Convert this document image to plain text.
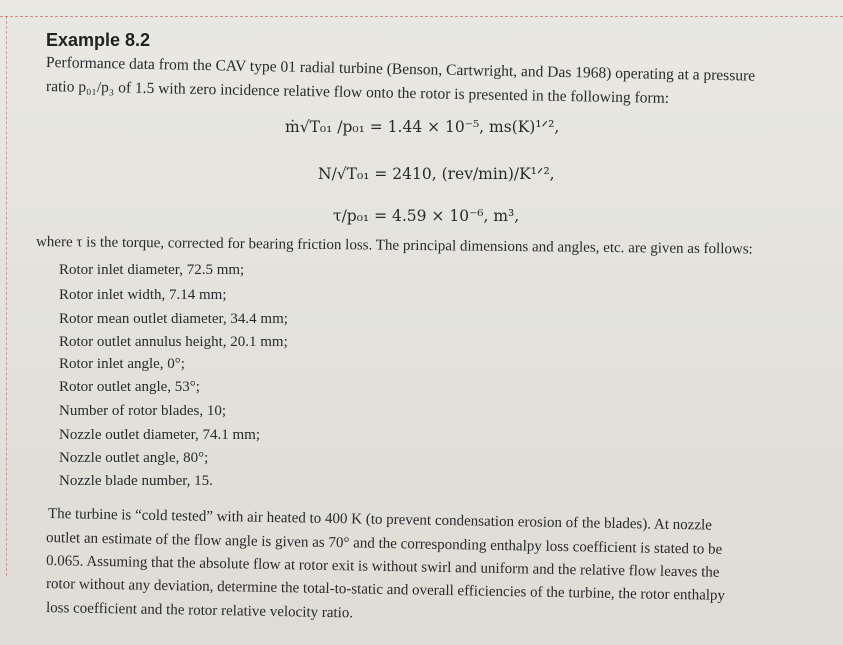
Example 8.2
Performance data from the CAV type 01 radial turbine (Benson, Cartwright, and Das 1968) operating at a pressure
ratio p₀₁/p₃ of 1.5 with zero incidence relative flow onto the rotor is presented in the following form:
ṁ√T₀₁ /p₀₁ = 1.44 × 10⁻⁵, ms(K)¹ᐟ²,
N/√T₀₁ = 2410, (rev/min)/K¹ᐟ²,
τ/p₀₁ = 4.59 × 10⁻⁶, m³,
where τ is the torque, corrected for bearing friction loss. The principal dimensions and angles, etc. are given as follows:
Rotor inlet diameter, 72.5 mm;
Rotor inlet width, 7.14 mm;
Rotor mean outlet diameter, 34.4 mm;
Rotor outlet annulus height, 20.1 mm;
Rotor inlet angle, 0°;
Rotor outlet angle, 53°;
Number of rotor blades, 10;
Nozzle outlet diameter, 74.1 mm;
Nozzle outlet angle, 80°;
Nozzle blade number, 15.
The turbine is “cold tested” with air heated to 400 K (to prevent condensation erosion of the blades). At nozzle
outlet an estimate of the flow angle is given as 70° and the corresponding enthalpy loss coefficient is stated to be
0.065. Assuming that the absolute flow at rotor exit is without swirl and uniform and the relative flow leaves the
rotor without any deviation, determine the total-to-static and overall efficiencies of the turbine, the rotor enthalpy
loss coefficient and the rotor relative velocity ratio.
